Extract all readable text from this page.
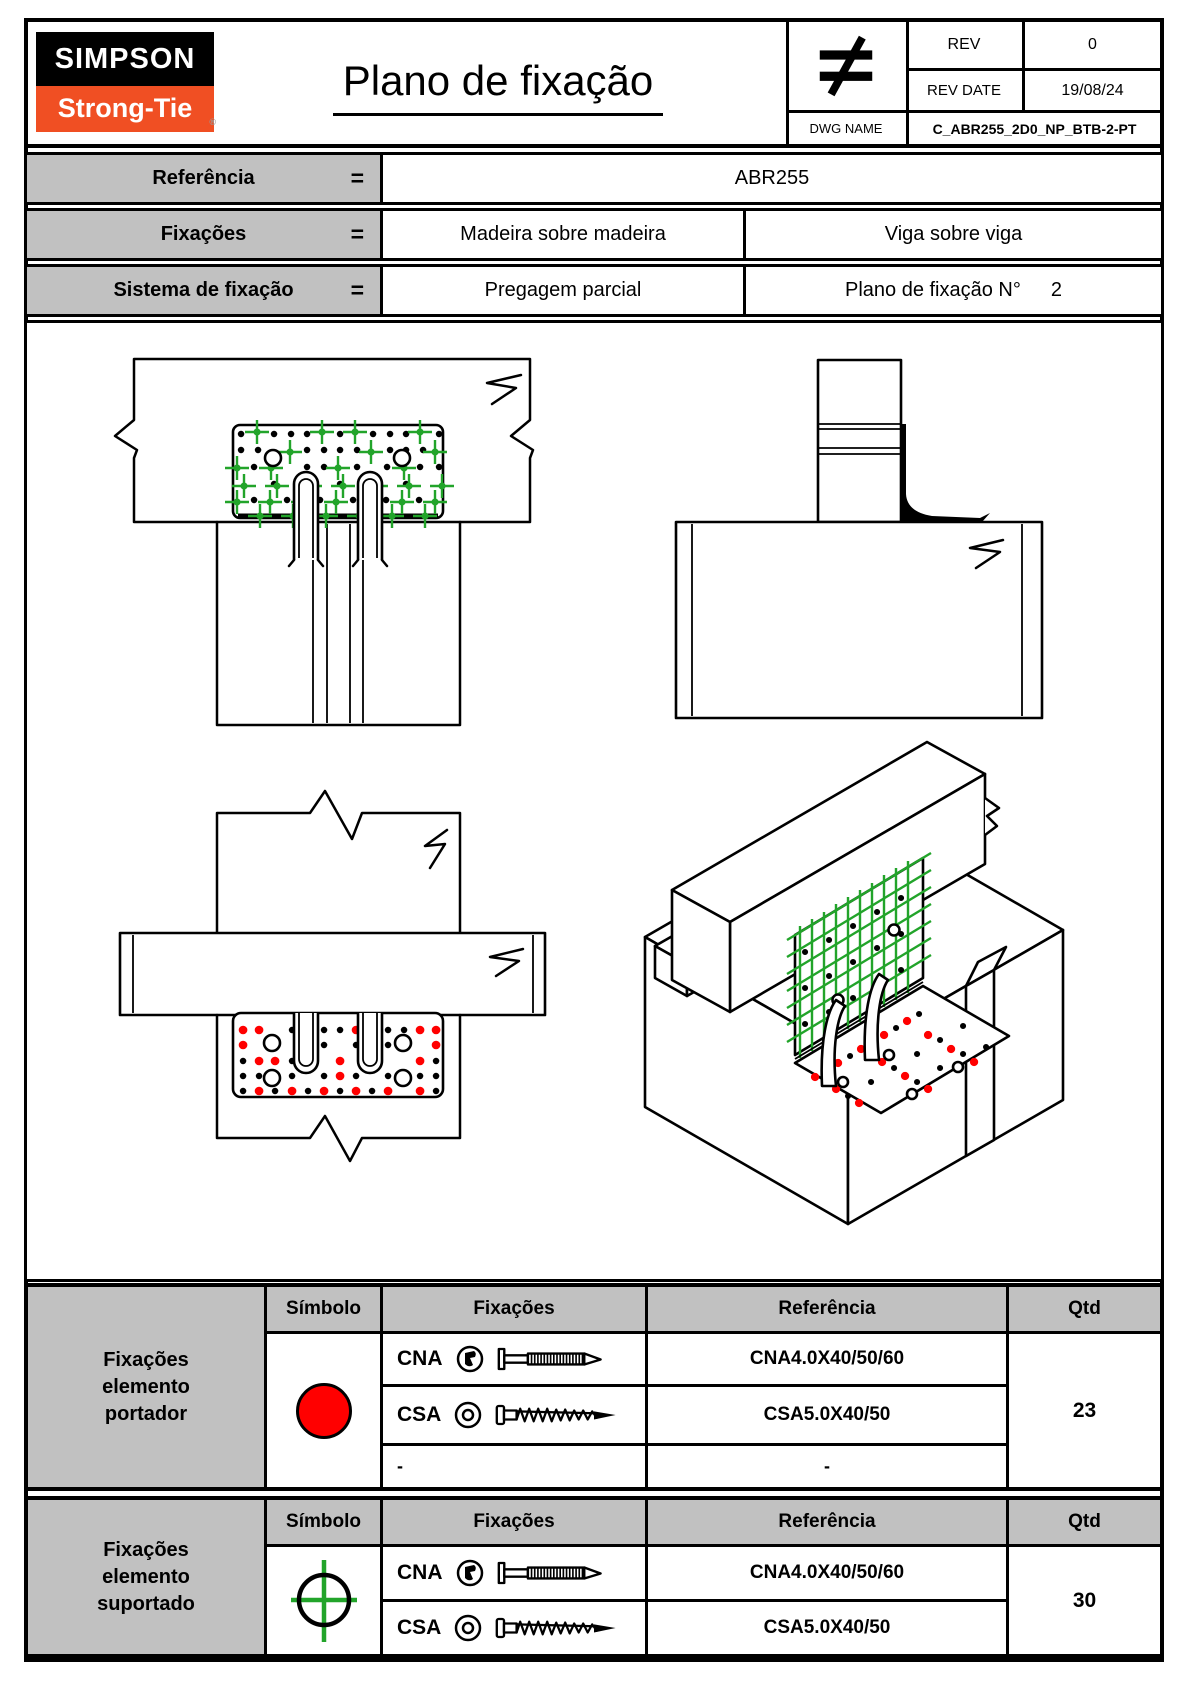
SIMPSON
Strong-Tie ®
Plano de fixação
REV	0
REV DATE	19/08/24
DWG NAME	C_ABR255_2D0_NP_BTB-2-PT
Referência	=	ABR255
Fixações	=	Madeira sobre madeira	Viga sobre viga
Sistema de fixação =	Pregagem parcial	Plano de fixação N° 2
Fixações elemento portador
Símbolo	Fixações	Referência	Qtd
CNA	CNA4.0X40/50/60
23
CSA	CSA5.0X40/50
-	-
Fixações elemento suportado
Símbolo	Fixações	Referência	Qtd
CNA	CNA4.0X40/50/60
30
CSA	CSA5.0X40/50
